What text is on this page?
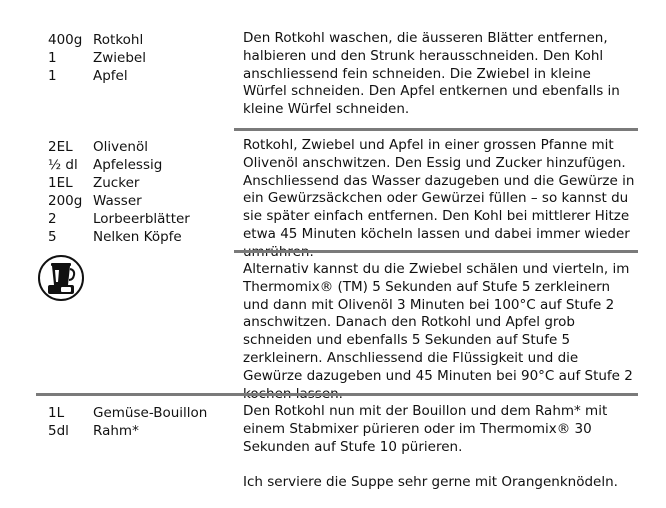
400g Rotkohl
1	Zwiebel
1	Apfel

Den Rotkohl waschen, die äusseren Blätter entfernen, halbieren und den Strunk herausschneiden. Den Kohl anschliessend fein schneiden. Die Zwiebel in kleine Würfel schneiden. Den Apfel entkernen und ebenfalls in kleine Würfel schneiden.

2EL	Olivenöl
½ dl	Apfelessig
1EL	Zucker
200g Wasser
2	Lorbeerblätter
5	Nelken Köpfe

Rotkohl, Zwiebel und Apfel in einer grossen Pfanne mit Olivenöl anschwitzen. Den Essig und Zucker hinzufügen. Anschliessend das Wasser dazugeben und die Gewürze in ein Gewürzsäckchen oder Gewürzei füllen – so kannst du sie später einfach entfernen. Den Kohl bei mittlerer Hitze etwa 45 Minuten köcheln lassen und dabei immer wieder

Alternativ kannst du die Zwiebel schälen und vierteln, im Thermomix® (TM) 5 Sekunden auf Stufe 5 zerkleinern und dann mit Olivenöl 3 Minuten bei 100°C auf Stufe 2 anschwitzen. Danach den Rotkohl und Apfel grob schneiden und ebenfalls 5 Sekunden auf Stufe 5 zerkleinern. Anschliessend die Flüssigkeit und die Gewürze dazugeben und 45 Minuten bei 90°C auf Stufe 2

1L	Gemüse-Bouillon
5dl	Rahm*

Den Rotkohl nun mit der Bouillon und dem Rahm* mit einem Stabmixer pürieren oder im Thermomix® 30 Sekunden auf Stufe 10 pürieren.

Ich serviere die Suppe sehr gerne mit Orangenknödeln.
